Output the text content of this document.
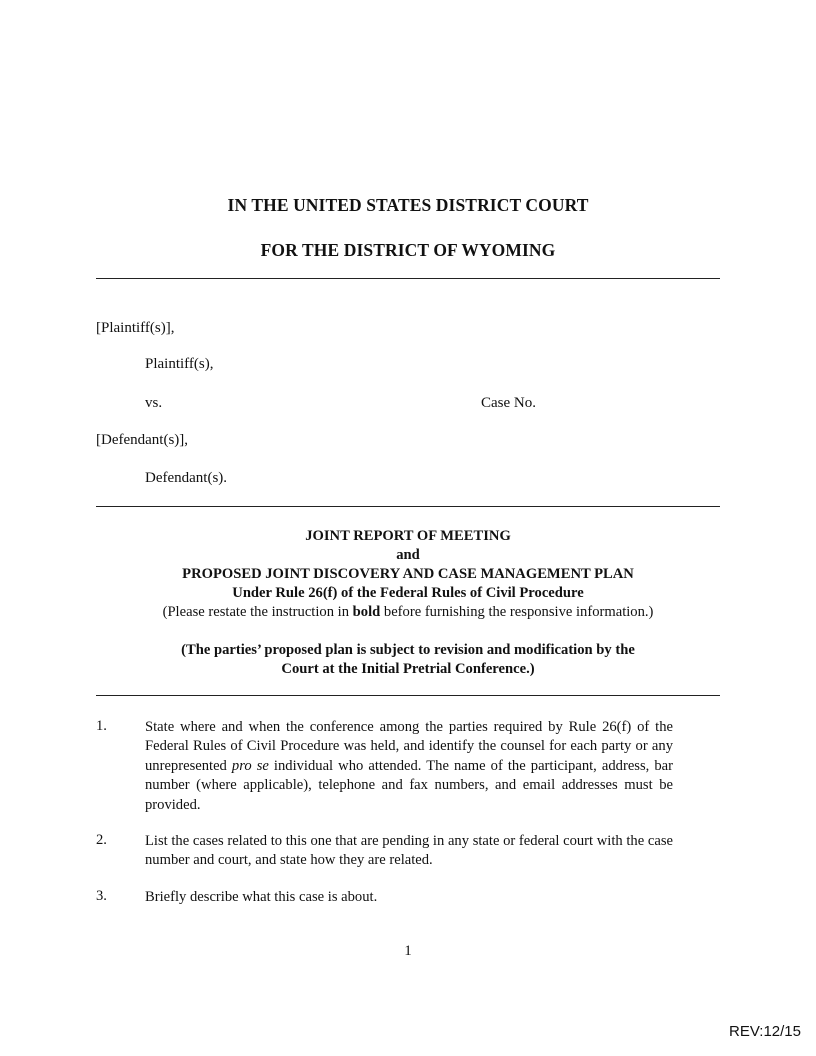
IN THE UNITED STATES DISTRICT COURT
FOR THE DISTRICT OF WYOMING
[Plaintiff(s)],
Plaintiff(s),
vs.	Case No.
[Defendant(s)],
Defendant(s).
JOINT REPORT OF MEETING
and
PROPOSED JOINT DISCOVERY AND CASE MANAGEMENT PLAN
Under Rule 26(f) of the Federal Rules of Civil Procedure
(Please restate the instruction in bold before furnishing the responsive information.)
(The parties’ proposed plan is subject to revision and modification by the
Court at the Initial Pretrial Conference.)
1.	State where and when the conference among the parties required by Rule 26(f) of the Federal Rules of Civil Procedure was held, and identify the counsel for each party or any unrepresented pro se individual who attended. The name of the participant, address, bar number (where applicable), telephone and fax numbers, and email addresses must be provided.
2.	List the cases related to this one that are pending in any state or federal court with the case number and court, and state how they are related.
3.	Briefly describe what this case is about.
1
REV:12/15
